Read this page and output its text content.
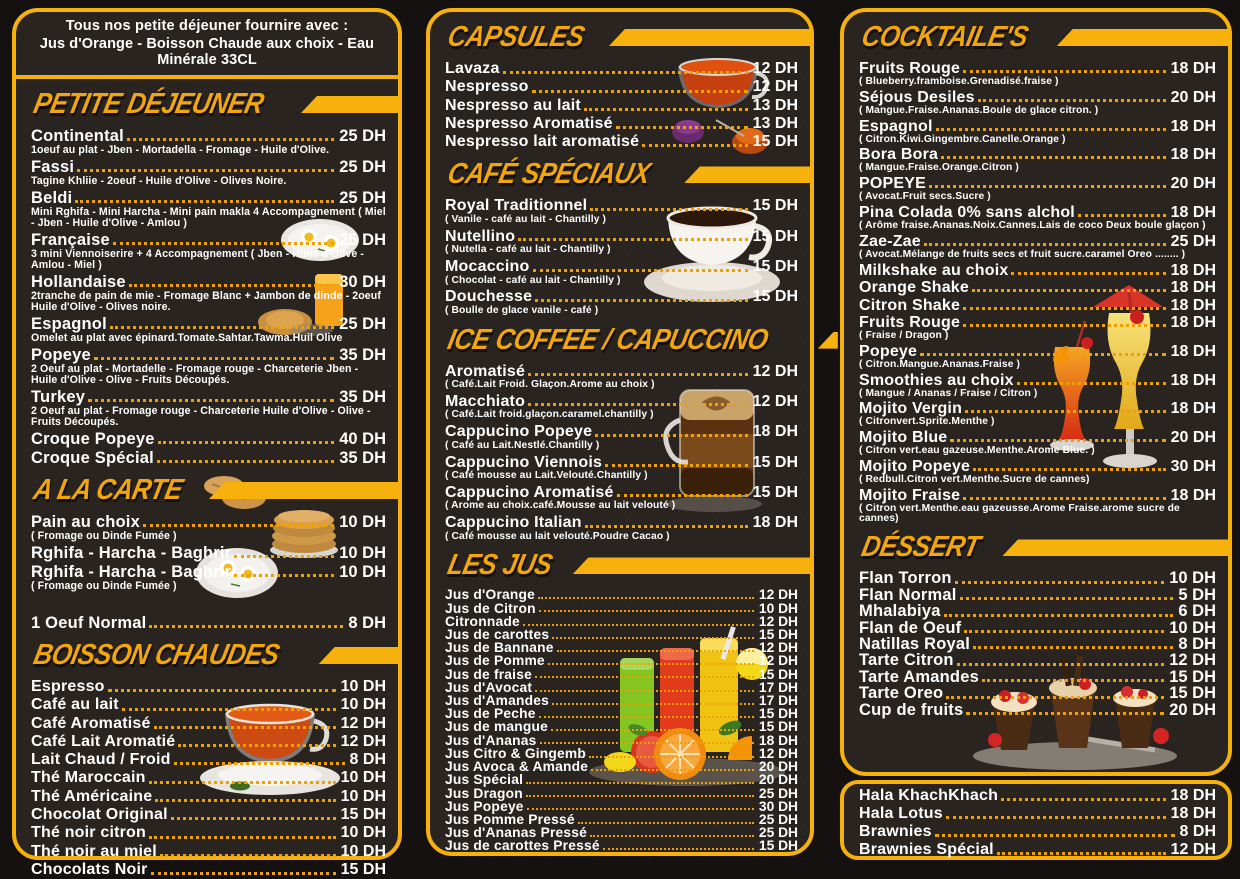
Tous nos petite déjeuner fournire avec :
Jus d'Orange - Boisson Chaude aux choix - Eau Minérale 33CL
PETITE DÉJEUNER
Continental	25 DH
1oeuf au plat - Jben - Mortadella - Fromage - Huile d'Olive.
Fassi	25 DH
Tagine Khliie - 2oeuf - Huile d'Olive - Olives Noire.
Beldi	25 DH
Mini Rghifa - Mini Harcha - Mini pain makla 4 Accompagnement ( Miel - Jben - Huile d'Olive - Amlou )
Française	25 DH
3 mini Viennoiserire + 4 Accompagnement ( Jben - Huile d'Olive - Amlou - Miel )
Hollandaise	30 DH
2tranche de pain de mie - Fromage Blanc + Jambon de dinde - 2oeuf Huile d'Olive - Olives noire.
Espagnol	25 DH
Omelet au plat avec épinard.Tomate.Sahtar.Tawma.Huil Olive
Popeye	35 DH
2 Oeuf au plat - Mortadelle - Fromage rouge - Charceterie Jben - Huile d'Olive - Olive - Fruits Découpés.
Turkey	35 DH
2 Oeuf au plat - Fromage rouge - Charceterie Huile d'Olive - Olive - Fruits Découpés.
Croque Popeye	40 DH
Croque Spécial	35 DH
A LA CARTE
Pain au choix	10 DH
( Fromage ou Dinde Fumée )
Rghifa - Harcha - Baghrir	10 DH
Rghifa - Harcha - Baghrir	10 DH
( Fromage ou Dinde Fumée )
1 Oeuf Normal	8 DH
BOISSON CHAUDES
Espresso	10 DH
Café au lait	10 DH
Café Aromatisé	12 DH
Café Lait Aromatié	12 DH
Lait Chaud / Froid	8 DH
Thé Maroccain	10 DH
Thé Américaine	10 DH
Chocolat Original	15 DH
Thé noir citron	10 DH
Thé noir au miel	10 DH
Chocolats Noir	15 DH
CAPSULES
Lavaza	12 DH
Nespresso	12 DH
Nespresso au lait	13 DH
Nespresso Aromatisé	13 DH
Nespresso lait aromatisé	15 DH
CAFÉ SPÉCIAUX
Royal Traditionnel	15 DH
( Vanile - café au lait - Chantilly )
Nutellino	15 DH
( Nutella - café au lait - Chantilly )
Mocaccino	15 DH
( Chocolat - café au lait - Chantilly )
Douchesse	15 DH
( Boulle de glace vanile - café )
ICE COFFEE / CAPUCCINO
Aromatisé	12 DH
( Café.Lait Froid. Glaçon.Arome au choix )
Macchiato	12 DH
( Café.Lait froid.glaçon.caramel.chantilly )
Cappucino Popeye	18 DH
( Café au Lait.Nestlé.Chantilly )
Cappucino Viennois	15 DH
( Café mousse au Lait.Velouté.Chantilly )
Cappucino Aromatisé	15 DH
( Arome au choix.café.Mousse au lait velouté )
Cappucino Italian	18 DH
( Café mousse au lait velouté.Poudre Cacao )
LES JUS
Jus d'Orange	12 DH
Jus de Citron	10 DH
Citronnade	12 DH
Jus de carottes	15 DH
Jus de Bannane	12 DH
Jus de Pomme	12 DH
Jus de fraise	15 DH
Jus d'Avocat	17 DH
Jus d'Amandes	17 DH
Jus de Peche	15 DH
Jus de mangue	15 DH
Jus d'Ananas	18 DH
Jus Citro & Gingemb	12 DH
Jus Avoca & Amande	20 DH
Jus Spécial	20 DH
Jus Dragon	25 DH
Jus Popeye	30 DH
Jus Pomme Pressé	25 DH
Jus d'Ananas Pressé	25 DH
Jus de carottes Pressé	15 DH
COCKTAILE'S
Fruits Rouge	18 DH
( Blueberry.framboise.Grenadisé.fraise )
Séjous Desiles	20 DH
( Mangue.Fraise.Ananas.Boule de glace citron. )
Espagnol	18 DH
( Citron.Kiwi.Gingembre.Canelle.Orange )
Bora Bora	18 DH
( Mangue.Fraise.Orange.Citron )
POPEYE	20 DH
( Avocat.Fruit secs.Sucre )
Pina Colada 0% sans alchol	18 DH
( Arôme fraise.Ananas.Noix.Cannes.Lais de coco Deux boule glaçon )
Zae-Zae	25 DH
( Avocat.Mélange de fruits secs et fruit sucre.caramel Oreo ........ )
Milkshake au choix	18 DH
Orange Shake	18 DH
Citron Shake	18 DH
Fruits Rouge	18 DH
( Fraise / Dragon )
Popeye	18 DH
( Citron.Mangue.Ananas.Fraise )
Smoothies au choix	18 DH
( Mangue / Ananas / Fraise / Citron )
Mojito Vergin	18 DH
( Citronvert.Sprite.Menthe )
Mojito Blue	20 DH
( Citron vert.eau gazeuse.Menthe.Arome Blue. )
Mojito Popeye	30 DH
( Redbull.Citron vert.Menthe.Sucre de cannes)
Mojito Fraise	18 DH
( Citron vert.Menthe.eau gazeusse.Arome Fraise.arome sucre de cannes)
DÉSSERT
Flan Torron	10 DH
Flan Normal	5 DH
Mhalabiya	6 DH
Flan de Oeuf	10 DH
Natillas Royal	8 DH
Tarte Citron	12 DH
Tarte Amandes	15 DH
Tarte Oreo	15 DH
Cup de fruits	20 DH
Hala KhachKhach	18 DH
Hala Lotus	18 DH
Brawnies	8 DH
Brawnies Spécial	12 DH
